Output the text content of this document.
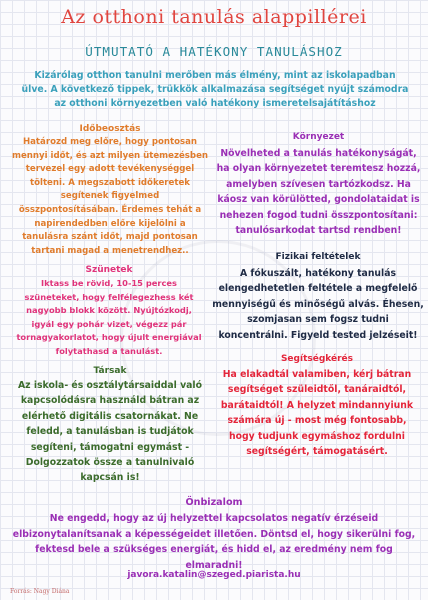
Az otthoni tanulás alappillérei
ÚTMUTATÓ A HATÉKONY TANULÁSHOZ
Kizárólag otthon tanulni merőben más élmény, mint az iskolapadban ülve. A következő tippek, trükkök alkalmazása segítséget nyújt számodra az otthoni környezetben való hatékony ismeretelsajátításhoz
Időbeosztás
Határozd meg előre, hogy pontosan mennyi időt, és azt milyen ütemezésben tervezel egy adott tevékenységgel tölteni. A megszabott időkeretek segítenek figyelmed összpontosításában. Érdemes tehát a napirendedben előre kijelölni a tanulásra szánt időt, majd pontosan tartani magad a menetrendhez..
Környezet
Növelheted a tanulás hatékonyságát, ha olyan környezetet teremtesz hozzá, amelyben szívesen tartózkodsz. Ha káosz van körülötted, gondolataidat is nehezen fogod tudni összpontosítani: tanulósarkodat tartsd rendben!
Szünetek
Iktass be rövid, 10-15 perces szüneteket, hogy felfélegezhess két nagyobb blokk között. Nyújtózkodj, igyál egy pohár vizet, végezz pár tornagyakorlatot, hogy újult energiával folytathasd a tanulást.
Fizikai feltételek
A fókuszált, hatékony tanulás elengedhetetlen feltétele a megfelelő mennyiségű és minőségű alvás. Éhesen, szomjasan sem fogsz tudni koncentrálni. Figyeld tested jelzéseit!
Társak
Az iskola- és osztálytársaiddal való kapcsolódásra használd bátran az elérhető digitális csatornákat. Ne feledd, a tanulásban is tudjátok segíteni, támogatni egymást - Dolgozzatok össze a tanulnivaló kapcsán is!
Segítségkérés
Ha elakadtál valamiben, kérj bátran segítséget szüleidtől, tanáraidtól, barátaidtól! A helyzet mindannyiunk számára új - most még fontosabb, hogy tudjunk egymáshoz fordulni segítségért, támogatásért.
Önbizalom
Ne engedd, hogy az új helyzettel kapcsolatos negatív érzéseid elbizonytalanítsanak a képességeidet illetően. Döntsd el, hogy sikerülni fog, fektesd bele a szükséges energiát, és hidd el, az eredmény nem fog elmaradni!
javora.katalin@szeged.piarista.hu
Forrás: Nagy Diána
